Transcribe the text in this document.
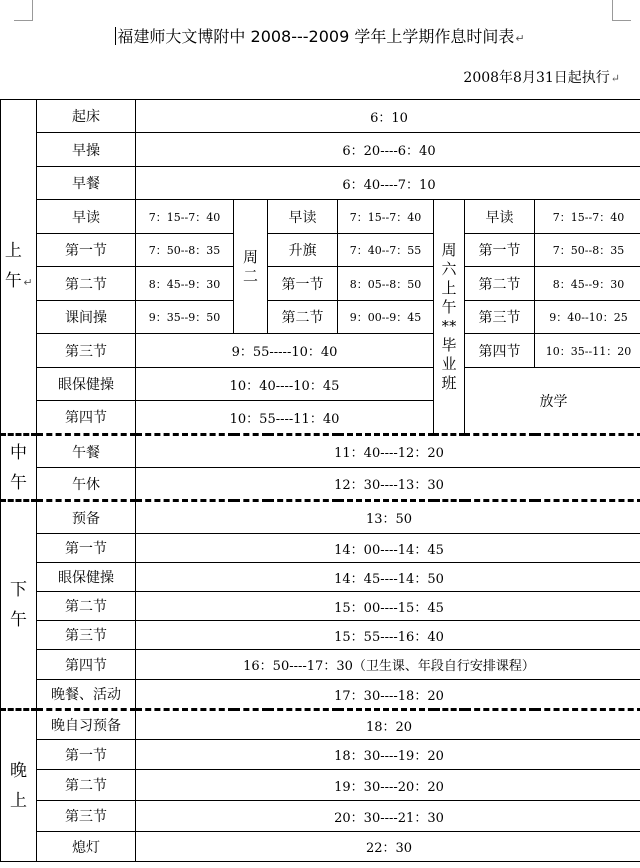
福建师大文博附中 2008---2009 学年上学期作息时间表↵
2008年8月31日起执行↵
上午 ↵	起床	6：10						
	早操	6：20----6：40						
	早餐	6：40----7：10						
	早读	7：15--7：40	周二	早读	7：15--7：40	周六上午**毕业班	早读	7：15--7：40
	第一节	7：50--8：35		升旗	7：40--7：55		第一节	7：50--8：35
	第二节	8：45--9：30		第一节	8：05--8：50		第二节	8：45--9：30
	课间操	9：35--9：50		第二节	9：00--9：45		第三节	9：40--10：25
	第三节	9：55-----10：40					第四节	10：35--11：20
	眼保健操	10：40----10：45					放学	
	第四节	10：55----11：40						
中午	午餐	11：40----12：20						
	午休	12：30----13：30						
下午	预备	13：50						
	第一节	14：00----14：45						
	眼保健操	14：45----14：50						
	第二节	15：00----15：45						
	第三节	15：55----16：40						
	第四节	16：50----17：30（卫生课、年段自行安排课程）						
	晚餐、活动	17：30----18：20						
晚上	晚自习预备	18：20						
	第一节	18：30----19：20						
	第二节	19：30----20：20						
	第三节	20：30----21：30						
	熄灯	22：30						
